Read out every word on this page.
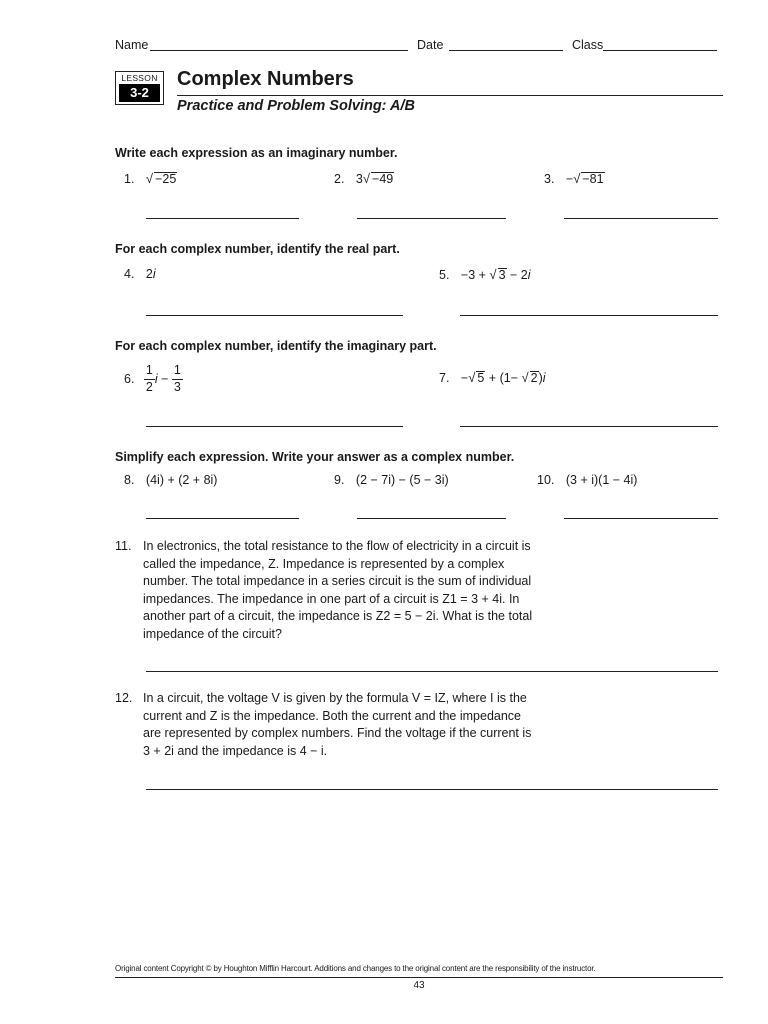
Name	Date	Class
LESSON
3-2
Complex Numbers
Practice and Problem Solving: A/B
Write each expression as an imaginary number.
1. √ −25	2. 3√ −49	3. −√ −81
For each complex number, identify the real part.
4. 2i	5. −3 + √ 3 − 2i
For each complex number, identify the imaginary part.
6. $\frac{1}{2}$ $i - \frac{1}{3}$	7. −√ 5 + (1− √ 2)i
Simplify each expression. Write your answer as a complex number.
8. (4i) + (2 + 8i)	9. (2 − 7i) − (5 − 3i)	10. (3 + i)(1 − 4i)
11. In electronics, the total resistance to the flow of electricity in a circuit is
called the impedance, Z. Impedance is represented by a complex
number. The total impedance in a series circuit is the sum of individual
impedances. The impedance in one part of a circuit is Z1 = 3 + 4i. In
another part of a circuit, the impedance is Z2 = 5 − 2i. What is the total
impedance of the circuit?
12. In a circuit, the voltage V is given by the formula V = IZ, where I is the
current and Z is the impedance. Both the current and the impedance
are represented by complex numbers. Find the voltage if the current is
3 + 2i and the impedance is 4 − i.
Original content Copyright © by Houghton Mifflin Harcourt. Additions and changes to the original content are the responsibility of the instructor.
43
